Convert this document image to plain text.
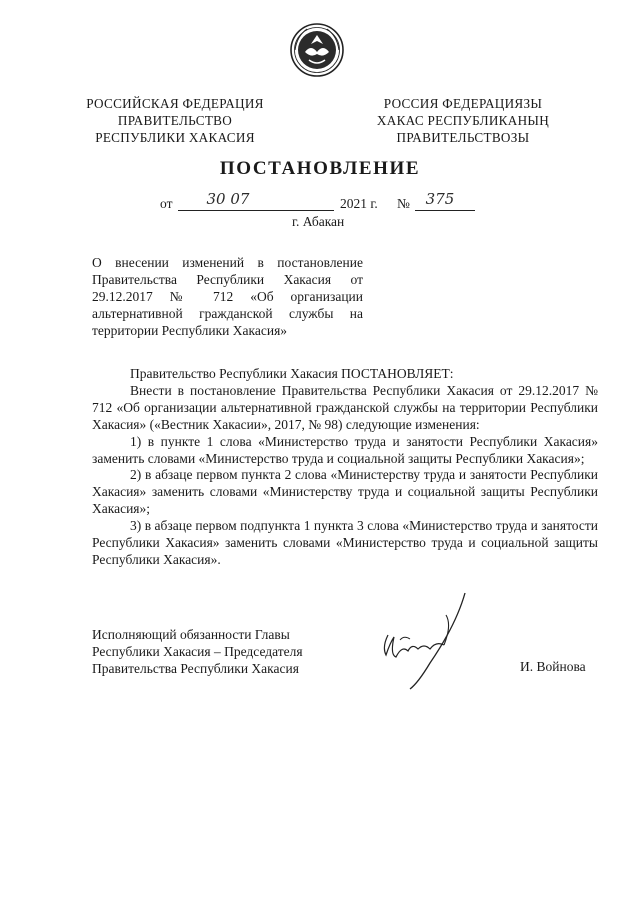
РОССИЙСКАЯ ФЕДЕРАЦИЯ
ПРАВИТЕЛЬСТВО
РЕСПУБЛИКИ ХАКАСИЯ
РОССИЯ ФЕДЕРАЦИЯЗЫ
ХАКАС РЕСПУБЛИКАНЫҢ
ПРАВИТЕЛЬСТВОЗЫ
ПОСТАНОВЛЕНИЕ
от	30 07	2021 г. №	375
г. Абакан
О внесении изменений в постановление Правительства Республики Хакасия от 29.12.2017 № 712 «Об организации альтернативной гражданской службы на территории Республики Хакасия»

Правительство Республики Хакасия ПОСТАНОВЛЯЕТ:

Внести в постановление Правительства Республики Хакасия от 29.12.2017 № 712 «Об организации альтернативной гражданской службы на территории Республики Хакасия» («Вестник Хакасии», 2017, № 98) следующие изменения:

1) в пункте 1 слова «Министерство труда и занятости Республики Хакасия» заменить словами «Министерство труда и социальной защиты Республики Хакасия»;

2) в абзаце первом пункта 2 слова «Министерству труда и занятости Республики Хакасия» заменить словами «Министерству труда и социальной защиты Республики Хакасия»;

3) в абзаце первом подпункта 1 пункта 3 слова «Министерство труда и занятости Республики Хакасия» заменить словами «Министерство труда и социальной защиты Республики Хакасия».

Исполняющий обязанности Главы
Республики Хакасия – Председателя
Правительства Республики Хакасия	И. Войнова
